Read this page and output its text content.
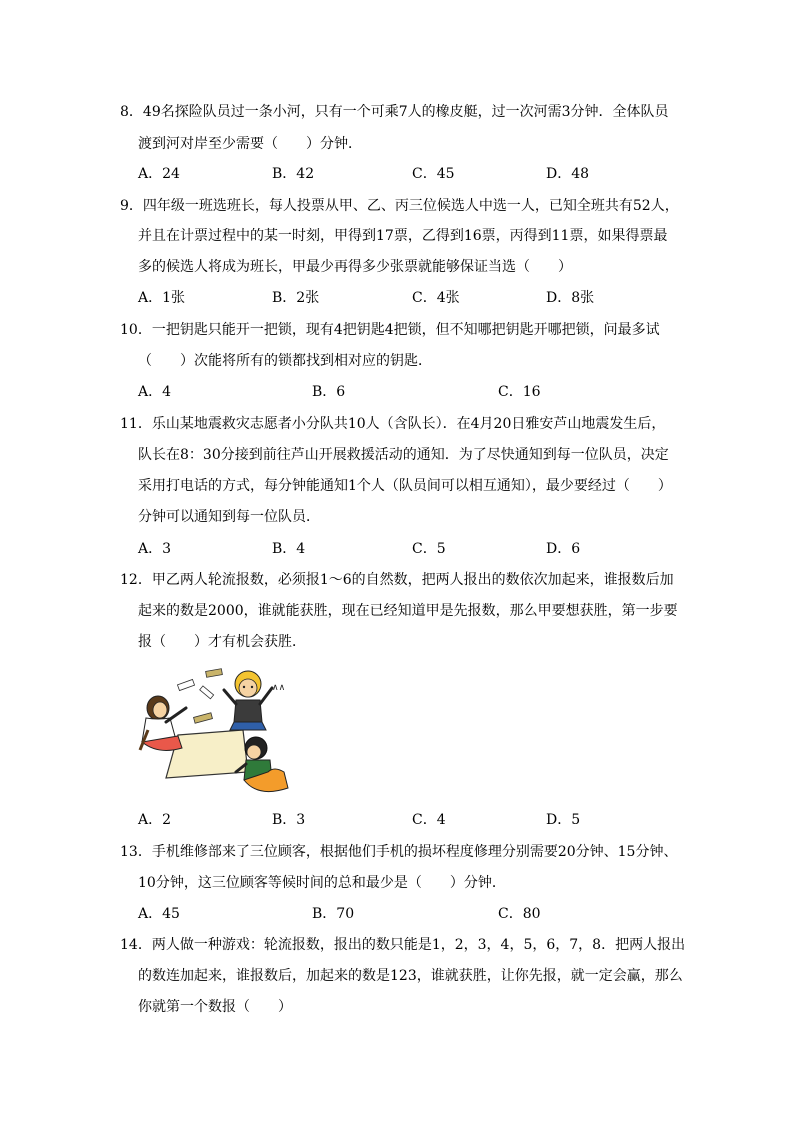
8．49名探险队员过一条小河，只有一个可乘7人的橡皮艇，过一次河需3分钟．全体队员
渡到河对岸至少需要（　　）分钟．
A．24	B．42	C．45	D．48
9．四年级一班选班长，每人投票从甲、乙、丙三位候选人中选一人，已知全班共有52人，
并且在计票过程中的某一时刻，甲得到17票，乙得到16票，丙得到11票，如果得票最
多的候选人将成为班长，甲最少再得多少张票就能够保证当选（　　）
A．1张	B．2张	C．4张	D．8张
10．一把钥匙只能开一把锁，现有4把钥匙4把锁，但不知哪把钥匙开哪把锁，问最多试
（　　）次能将所有的锁都找到相对应的钥匙．
A．4	B．6	C．16
11．乐山某地震救灾志愿者小分队共10人（含队长）．在4月20日雅安芦山地震发生后，
队长在8：30分接到前往芦山开展救援活动的通知．为了尽快通知到每一位队员，决定
采用打电话的方式，每分钟能通知1个人（队员间可以相互通知），最少要经过（　　）
分钟可以通知到每一位队员．
A．3	B．4	C．5	D．6
12．甲乙两人轮流报数，必须报1～6的自然数，把两人报出的数依次加起来，谁报数后加
起来的数是2000，谁就能获胜，现在已经知道甲是先报数，那么甲要想获胜，第一步要
报（　　）才有机会获胜．
∧∧
A．2	B．3	C．4	D．5
13．手机维修部来了三位顾客，根据他们手机的损坏程度修理分别需要20分钟、15分钟、
10分钟，这三位顾客等候时间的总和最少是（　　）分钟．
A．45	B．70	C．80
14．两人做一种游戏：轮流报数，报出的数只能是1，2，3，4，5，6，7，8．把两人报出
的数连加起来，谁报数后，加起来的数是123，谁就获胜，让你先报，就一定会赢，那么
你就第一个数报（　　）
